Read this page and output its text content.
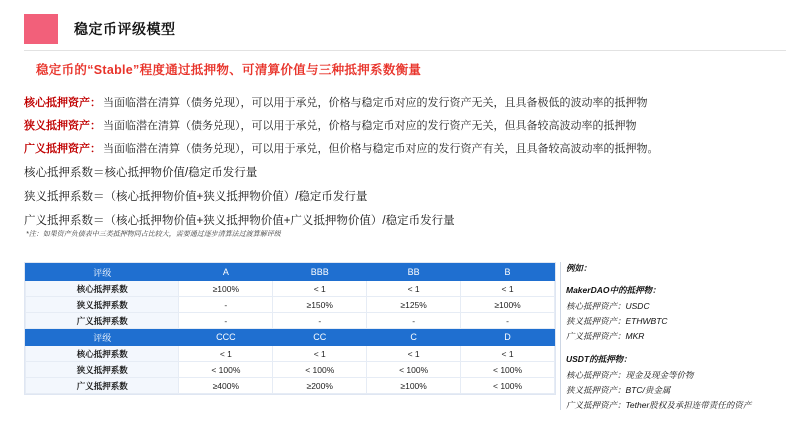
稳定币评级模型
稳定币的“Stable”程度通过抵押物、可清算价值与三种抵押系数衡量
核心抵押资产： 当面临潜在清算（债务兑现），可以用于承兑，价格与稳定币对应的发行资产无关，且具备极低的波动率的抵押物
狭义抵押资产： 当面临潜在清算（债务兑现），可以用于承兑，价格与稳定币对应的发行资产无关，但具备较高波动率的抵押物
广义抵押资产： 当面临潜在清算（债务兑现），可以用于承兑，但价格与稳定币对应的发行资产有关，且具备较高波动率的抵押物。
核心抵押系数＝核心抵押物价值/稳定币发行量
狭义抵押系数＝（核心抵押物价值+狭义抵押物价值）/稳定币发行量
广义抵押系数＝（核心抵押物价值+狭义抵押物价值+广义抵押物价值）/稳定币发行量
*注：如果资产负债表中三类抵押物同占比较大，需要通过逐步清算法过渡算解评级
评级	A	BBB	BB	B
核心抵押系数	≥100%	< 1	< 1	< 1
狭义抵押系数	-	≥150%	≥125%	≥100%
广义抵押系数	-	-	-	-
评级	CCC	CC	C	D
核心抵押系数	< 1	< 1	< 1	< 1
狭义抵押系数	< 100%	< 100%	< 100%	< 100%
广义抵押系数	≥400%	≥200%	≥100%	< 100%
例如：
MakerDAO中的抵押物：
核心抵押资产：USDC
狭义抵押资产：ETHWBTC
广义抵押资产：MKR
USDT的抵押物：
核心抵押资产：现金及现金等价物
狭义抵押资产：BTC/贵金属
广义抵押资产：Tether股权及承担连带责任的资产
